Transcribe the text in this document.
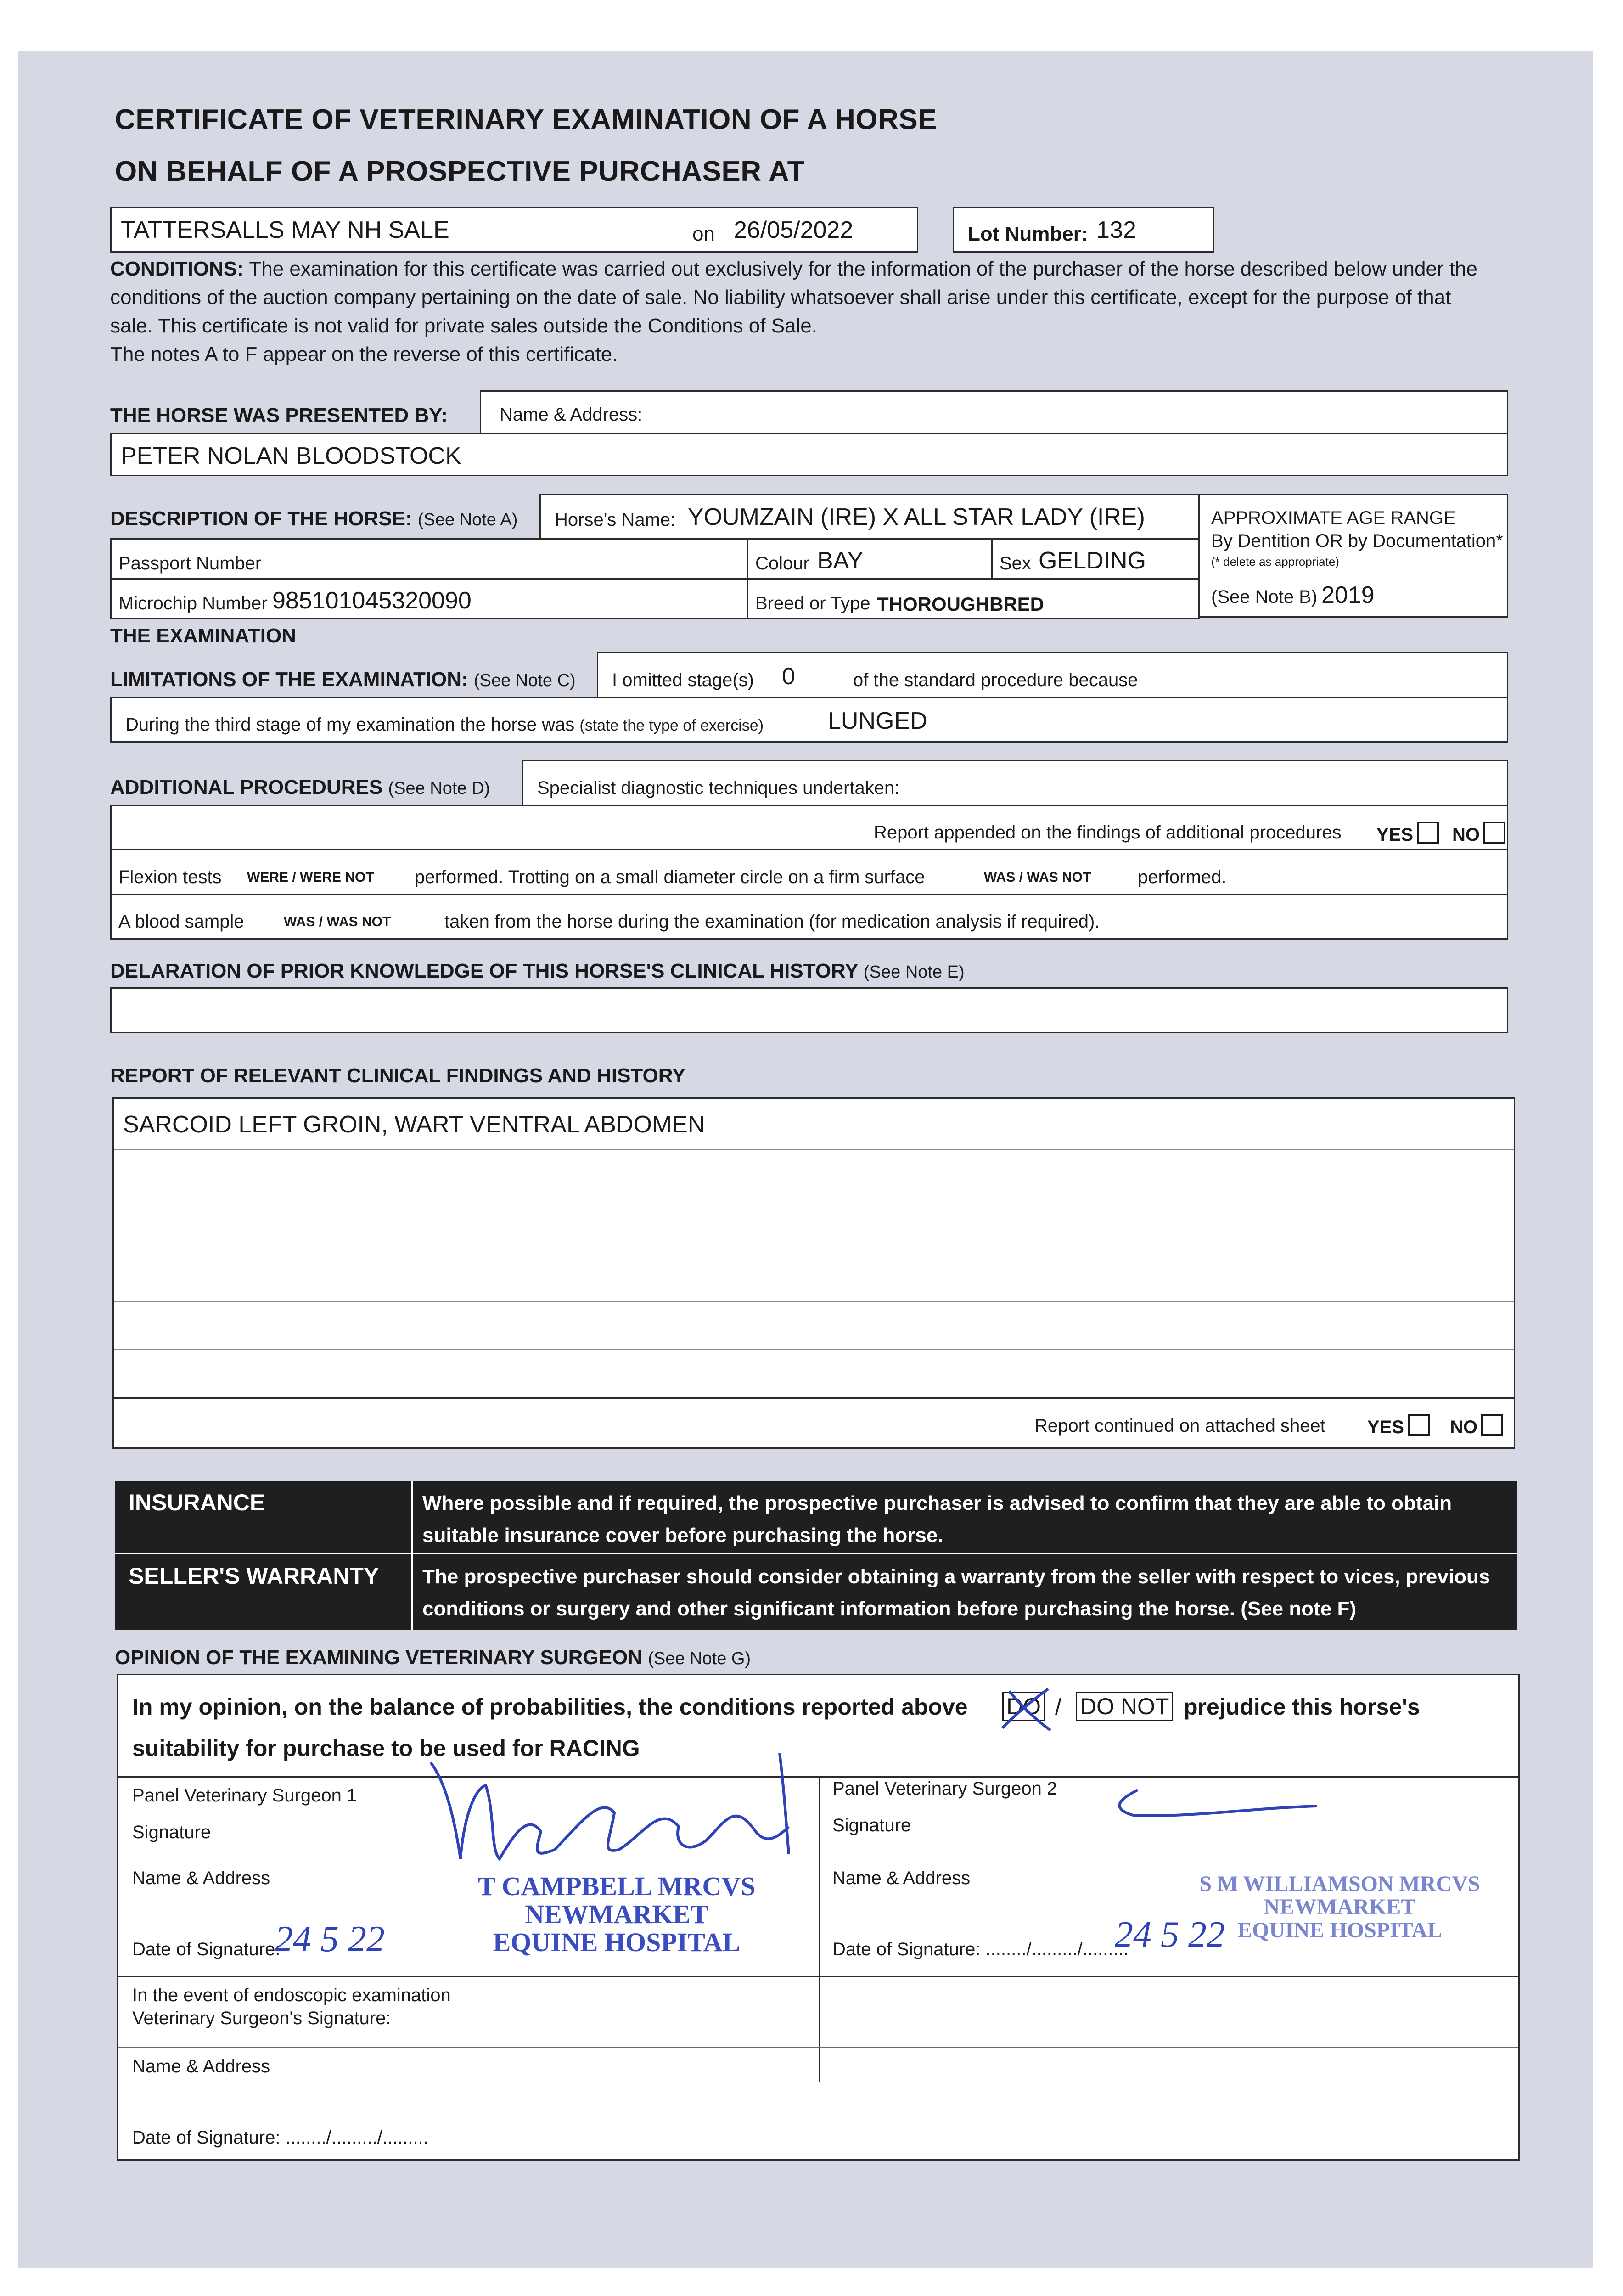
CERTIFICATE OF VETERINARY EXAMINATION OF A HORSE
ON BEHALF OF A PROSPECTIVE PURCHASER AT
TATTERSALLS MAY NH SALE	on 26/05/2022	Lot Number: 132
CONDITIONS: The examination for this certificate was carried out exclusively for the information of the purchaser of the horse described below under the conditions of the auction company pertaining on the date of sale. No liability whatsoever shall arise under this certificate, except for the purpose of that sale. This certificate is not valid for private sales outside the Conditions of Sale.
The notes A to F appear on the reverse of this certificate.
THE HORSE WAS PRESENTED BY:	Name & Address:
PETER NOLAN BLOODSTOCK
DESCRIPTION OF THE HORSE: (See Note A) Horse's Name: YOUMZAIN (IRE) X ALL STAR LADY (IRE)	APPROXIMATE AGE RANGE
By Dentition OR by Documentation*
(* delete as appropriate)
(See Note B) 2019
Passport Number	Colour BAY	Sex GELDING
Microchip Number 985101045320090	Breed or Type THOROUGHBRED
THE EXAMINATION
LIMITATIONS OF THE EXAMINATION: (See Note C) I omitted stage(s) 0	of the standard procedure because
During the third stage of my examination the horse was (state the type of exercise)	LUNGED
ADDITIONAL PROCEDURES (See Note D)	Specialist diagnostic techniques undertaken:
Report appended on the findings of additional procedures YES	NO
Flexion tests WERE / WERE NOT performed. Trotting on a small diameter circle on a firm surface	WAS / WAS NOT	performed.
A blood sample	WAS / WAS NOT	taken from the horse during the examination (for medication analysis if required).
DELARATION OF PRIOR KNOWLEDGE OF THIS HORSE'S CLINICAL HISTORY (See Note E)
REPORT OF RELEVANT CLINICAL FINDINGS AND HISTORY
SARCOID LEFT GROIN, WART VENTRAL ABDOMEN
Report continued on attached sheet YES	NO
INSURANCE	Where possible and if required, the prospective purchaser is advised to confirm that they are able to obtain suitable insurance cover before purchasing the horse.
SELLER'S WARRANTY	The prospective purchaser should consider obtaining a warranty from the seller with respect to vices, previous conditions or surgery and other significant information before purchasing the horse. (See note F)
OPINION OF THE EXAMINING VETERINARY SURGEON (See Note G)
In my opinion, on the balance of probabilities, the conditions reported above DO / DO NOT prejudice this horse's
suitability for purchase to be used for RACING
Panel Veterinary Surgeon 1
Signature
Name & Address
Date of Signature:
24 5 22
T CAMPBELL MRCVS
NEWMARKET
EQUINE HOSPITAL
Panel Veterinary Surgeon 2
Signature
Name & Address
Date of Signature: ......../........./.........
24 5 22
S M WILLIAMSON MRCVS
NEWMARKET
EQUINE HOSPITAL
In the event of endoscopic examination
Veterinary Surgeon's Signature:
Name & Address
Date of Signature: ......../........./.........
